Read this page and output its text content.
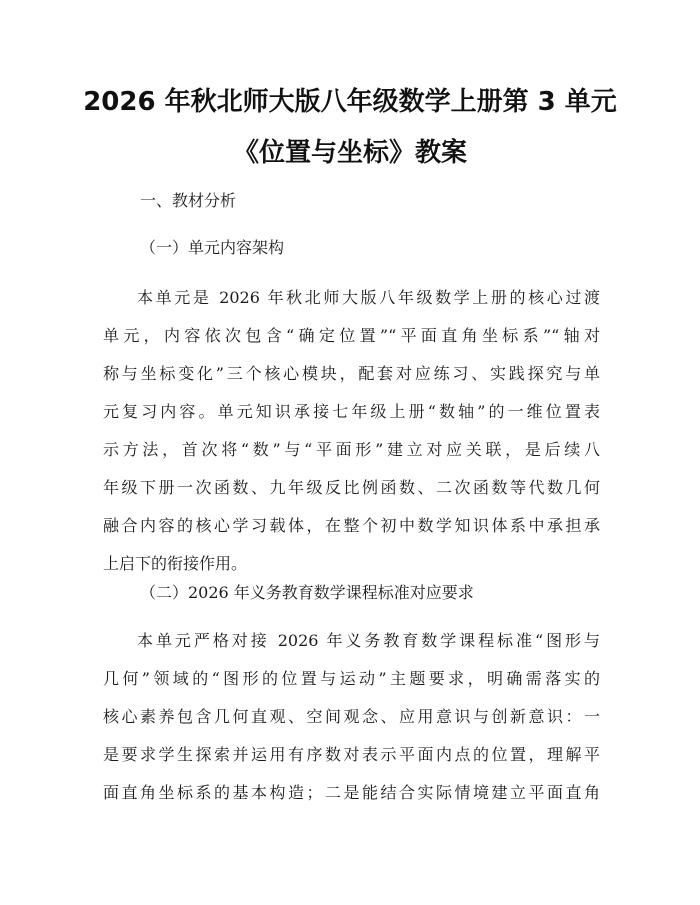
2026 年秋北师大版八年级数学上册第 3 单元
《位置与坐标》教案
一、教材分析
（一）单元内容架构
本单元是 2026 年秋北师大版八年级数学上册的核心过渡
单元，内容依次包含“确定位置”“平面直角坐标系”“轴对
称与坐标变化”三个核心模块，配套对应练习、实践探究与单
元复习内容。单元知识承接七年级上册“数轴”的一维位置表
示方法，首次将“数”与“平面形”建立对应关联，是后续八
年级下册一次函数、九年级反比例函数、二次函数等代数几何
融合内容的核心学习载体，在整个初中数学知识体系中承担承
上启下的衔接作用。
（二）2026 年义务教育数学课程标准对应要求
本单元严格对接 2026 年义务教育数学课程标准“图形与
几何”领域的“图形的位置与运动”主题要求，明确需落实的
核心素养包含几何直观、空间观念、应用意识与创新意识：一
是要求学生探索并运用有序数对表示平面内点的位置，理解平
面直角坐标系的基本构造；二是能结合实际情境建立平面直角
